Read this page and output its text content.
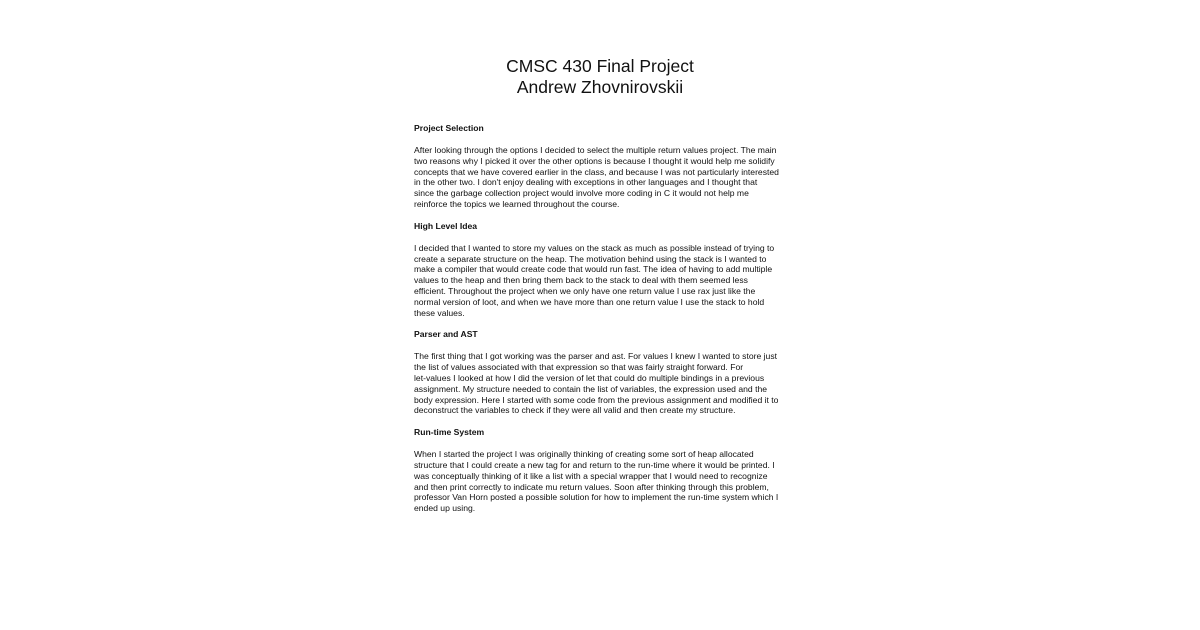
CMSC 430 Final Project
Andrew Zhovnirovskii
Project Selection
After looking through the options I decided to select the multiple return values project. The main
two reasons why I picked it over the other options is because I thought it would help me solidify
concepts that we have covered earlier in the class, and because I was not particularly interested
in the other two. I don't enjoy dealing with exceptions in other languages and I thought that
since the garbage collection project would involve more coding in C it would not help me
reinforce the topics we learned throughout the course.
High Level Idea
I decided that I wanted to store my values on the stack as much as possible instead of trying to
create a separate structure on the heap. The motivation behind using the stack is I wanted to
make a compiler that would create code that would run fast. The idea of having to add multiple
values to the heap and then bring them back to the stack to deal with them seemed less
efficient. Throughout the project when we only have one return value I use rax just like the
normal version of loot, and when we have more than one return value I use the stack to hold
these values.
Parser and AST
The first thing that I got working was the parser and ast. For values I knew I wanted to store just
the list of values associated with that expression so that was fairly straight forward. For
let-values I looked at how I did the version of let that could do multiple bindings in a previous
assignment. My structure needed to contain the list of variables, the expression used and the
body expression. Here I started with some code from the previous assignment and modified it to
deconstruct the variables to check if they were all valid and then create my structure.
Run-time System
When I started the project I was originally thinking of creating some sort of heap allocated
structure that I could create a new tag for and return to the run-time where it would be printed. I
was conceptually thinking of it like a list with a special wrapper that I would need to recognize
and then print correctly to indicate mu return values. Soon after thinking through this problem,
professor Van Horn posted a possible solution for how to implement the run-time system which I
ended up using.
